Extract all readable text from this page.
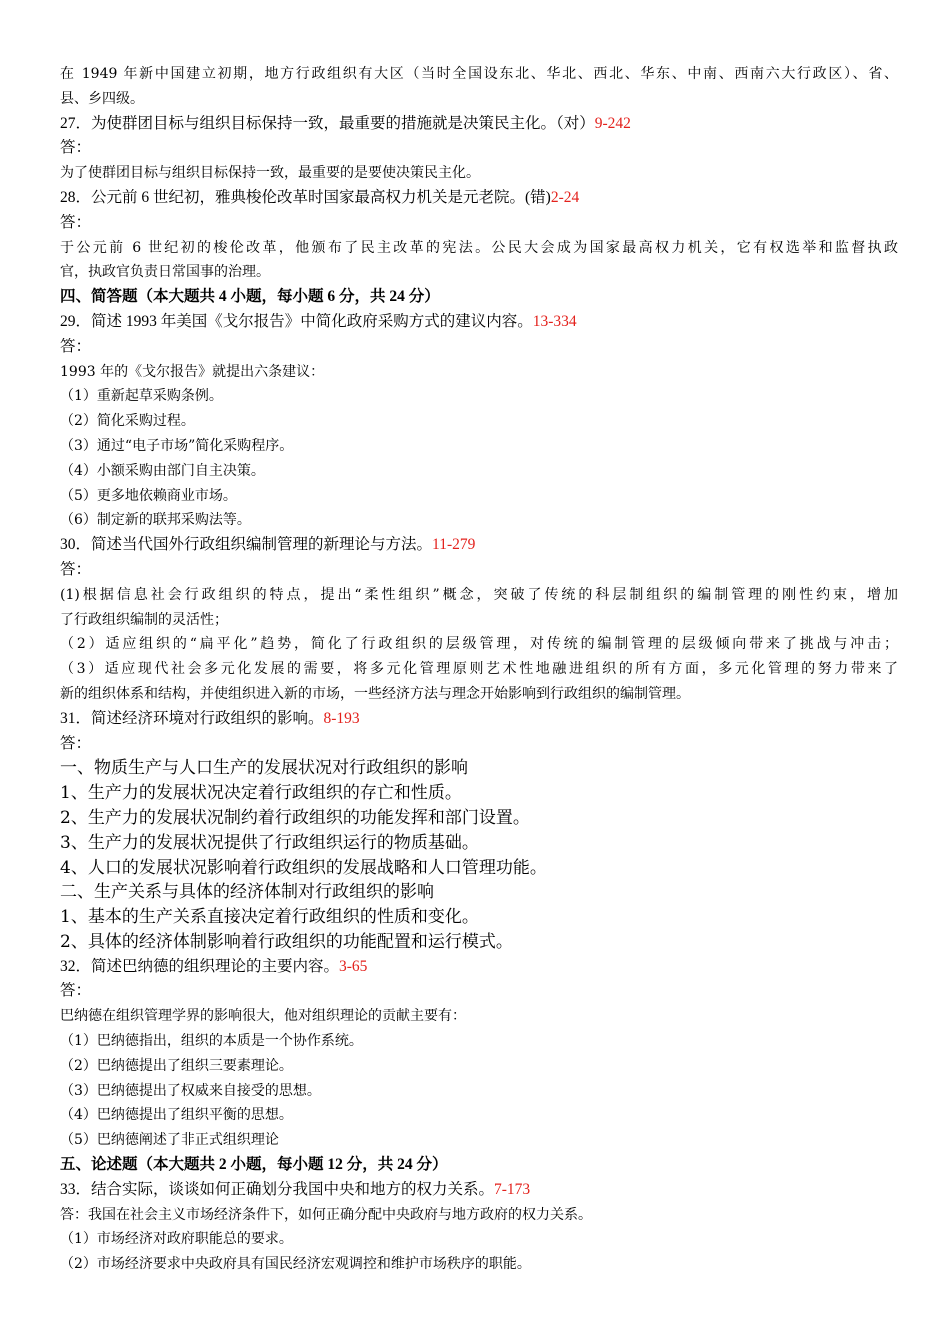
在 1949 年新中国建立初期，地方行政组织有大区（当时全国设东北、华北、西北、华东、中南、西南六大行政区）、省、
县、乡四级。
27．为使群团目标与组织目标保持一致，最重要的措施就是决策民主化。（对）9-242
答：
为了使群团目标与组织目标保持一致，最重要的是要使决策民主化。
28．公元前 6 世纪初，雅典梭伦改革时国家最高权力机关是元老院。(错)2-24
答：
于公元前 6 世纪初的梭伦改革，他颁布了民主改革的宪法。公民大会成为国家最高权力机关，它有权选举和监督执政
官，执政官负责日常国事的治理。
四、简答题（本大题共 4 小题，每小题 6 分，共 24 分）
29．简述 1993 年美国《戈尔报告》中简化政府采购方式的建议内容。13-334
答：
1993 年的《戈尔报告》就提出六条建议：
（1）重新起草采购条例。
（2）简化采购过程。
（3）通过“电子市场”简化采购程序。
（4）小额采购由部门自主决策。
（5）更多地依赖商业市场。
（6）制定新的联邦采购法等。
30．简述当代国外行政组织编制管理的新理论与方法。11-279
答：
(1)根据信息社会行政组织的特点，提出“柔性组织”概念，突破了传统的科层制组织的编制管理的刚性约束，增加
了行政组织编制的灵活性；
（2）适应组织的“扁平化”趋势，简化了行政组织的层级管理，对传统的编制管理的层级倾向带来了挑战与冲击；
（3）适应现代社会多元化发展的需要，将多元化管理原则艺术性地融进组织的所有方面，多元化管理的努力带来了
新的组织体系和结构，并使组织进入新的市场，一些经济方法与理念开始影响到行政组织的编制管理。
31．简述经济环境对行政组织的影响。8-193
答：
一、物质生产与人口生产的发展状况对行政组织的影响
1、生产力的发展状况决定着行政组织的存亡和性质。
2、生产力的发展状况制约着行政组织的功能发挥和部门设置。
3、生产力的发展状况提供了行政组织运行的物质基础。
4、人口的发展状况影响着行政组织的发展战略和人口管理功能。
二、生产关系与具体的经济体制对行政组织的影响
1、基本的生产关系直接决定着行政组织的性质和变化。
2、具体的经济体制影响着行政组织的功能配置和运行模式。
32．简述巴纳德的组织理论的主要内容。3-65
答：
巴纳德在组织管理学界的影响很大，他对组织理论的贡献主要有：
（1）巴纳德指出，组织的本质是一个协作系统。
（2）巴纳德提出了组织三要素理论。
（3）巴纳德提出了权威来自接受的思想。
（4）巴纳德提出了组织平衡的思想。
（5）巴纳德阐述了非正式组织理论
五、论述题（本大题共 2 小题，每小题 12 分，共 24 分）
33．结合实际，谈谈如何正确划分我国中央和地方的权力关系。7-173
答：我国在社会主义市场经济条件下，如何正确分配中央政府与地方政府的权力关系。
（1）市场经济对政府职能总的要求。
（2）市场经济要求中央政府具有国民经济宏观调控和维护市场秩序的职能。
